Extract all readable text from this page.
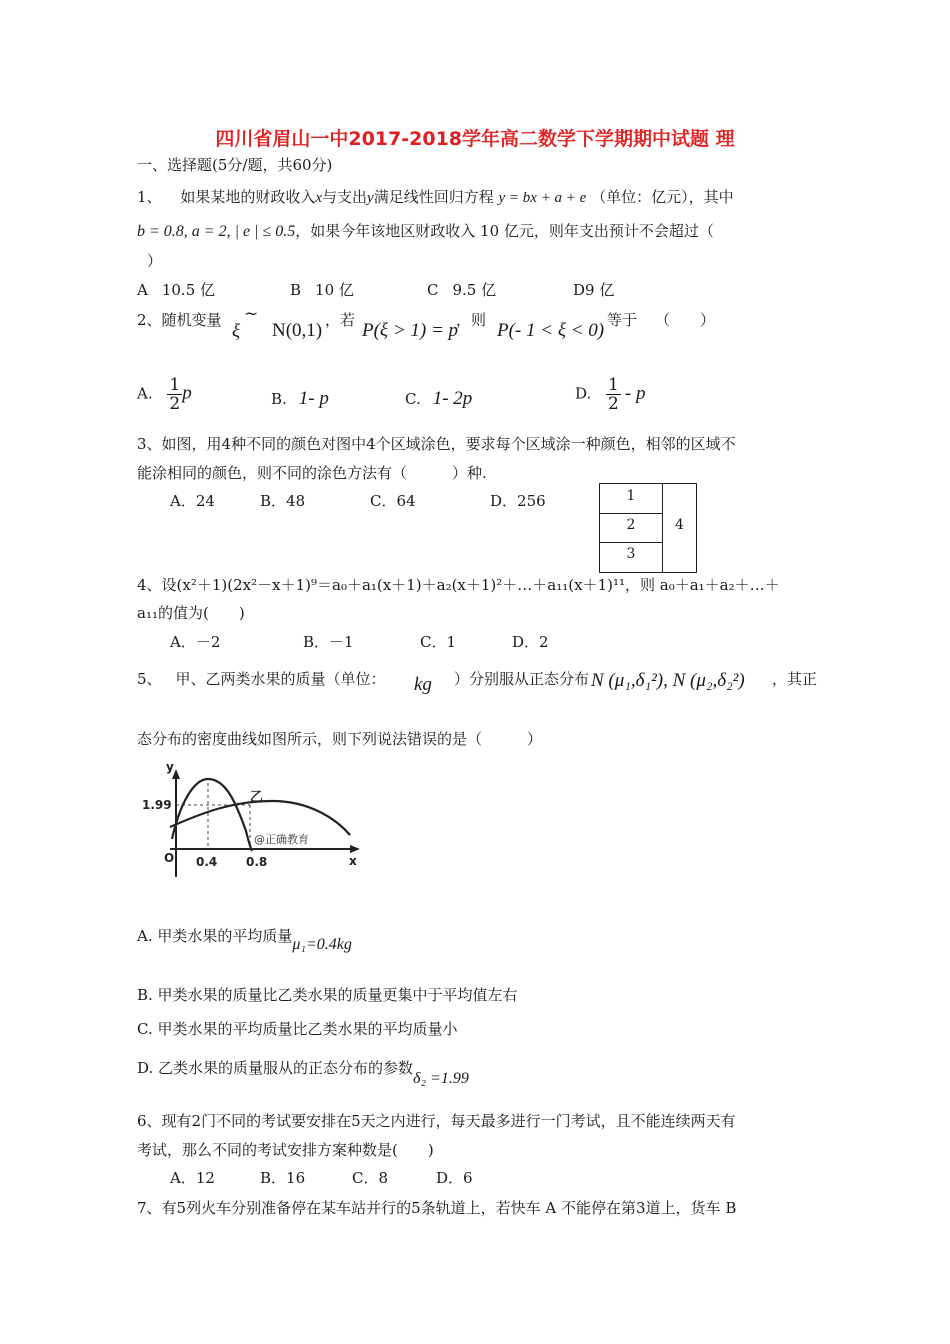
四川省眉山一中2017-2018学年高二数学下学期期中试题 理
一、选择题(5分/题，共60分)
1、 如果某地的财政收入x与支出y满足线性回归方程 y = bx + a + e （单位：亿元），其中
b = 0.8, a = 2, | e | ≤ 0.5，如果今年该地区财政收入 10 亿元，则年支出预计不会超过（
）
A 10.5 亿	B 10 亿	C 9.5 亿	D9 亿
2、随机变量
ξ
~
N(0,1) ，若 P(ξ > 1) = p
，则 P(- 1 < ξ < 0) 等于 （　　）
A. $\frac{1}{2}$ p	B. 1- p	C. 1- 2p	D. $\frac{1}{2}$ - p
3、如图，用4种不同的颜色对图中4个区域涂色，要求每个区域涂一种颜色，相邻的区域不
能涂相同的颜色，则不同的涂色方法有（　　　）种.
A．24	B．48	C．64	D．256	1
2
3
4
4、设(x²＋1)(2x²－x＋1)⁹＝a₀＋a₁(x＋1)＋a₂(x＋1)²＋…＋a₁₁(x＋1)¹¹，则 a₀＋a₁＋a₂＋…＋
a₁₁的值为(　　)
A．－2	B．－1	C．1	D．2
5、 甲、乙两类水果的质量（单位： kg ）分别服从正态分布 N (μ₁,δ₁²), N (μ₂,δ₂²) ，其正
态分布的密度曲线如图所示，则下列说法错误的是（　　　）
y
x
O
1.99
0.4 0.8
乙
@正确教育
A. 甲类水果的平均质量μ₁=0.4kg
B. 甲类水果的质量比乙类水果的质量更集中于平均值左右
C. 甲类水果的平均质量比乙类水果的平均质量小
D. 乙类水果的质量服从的正态分布的参数δ₂ =1.99
6、现有2门不同的考试要安排在5天之内进行，每天最多进行一门考试，且不能连续两天有
考试，那么不同的考试安排方案种数是(　　)
A．12	B．16	C．8	D．6
7、有5列火车分别准备停在某车站并行的5条轨道上，若快车 A 不能停在第3道上，货车 B
